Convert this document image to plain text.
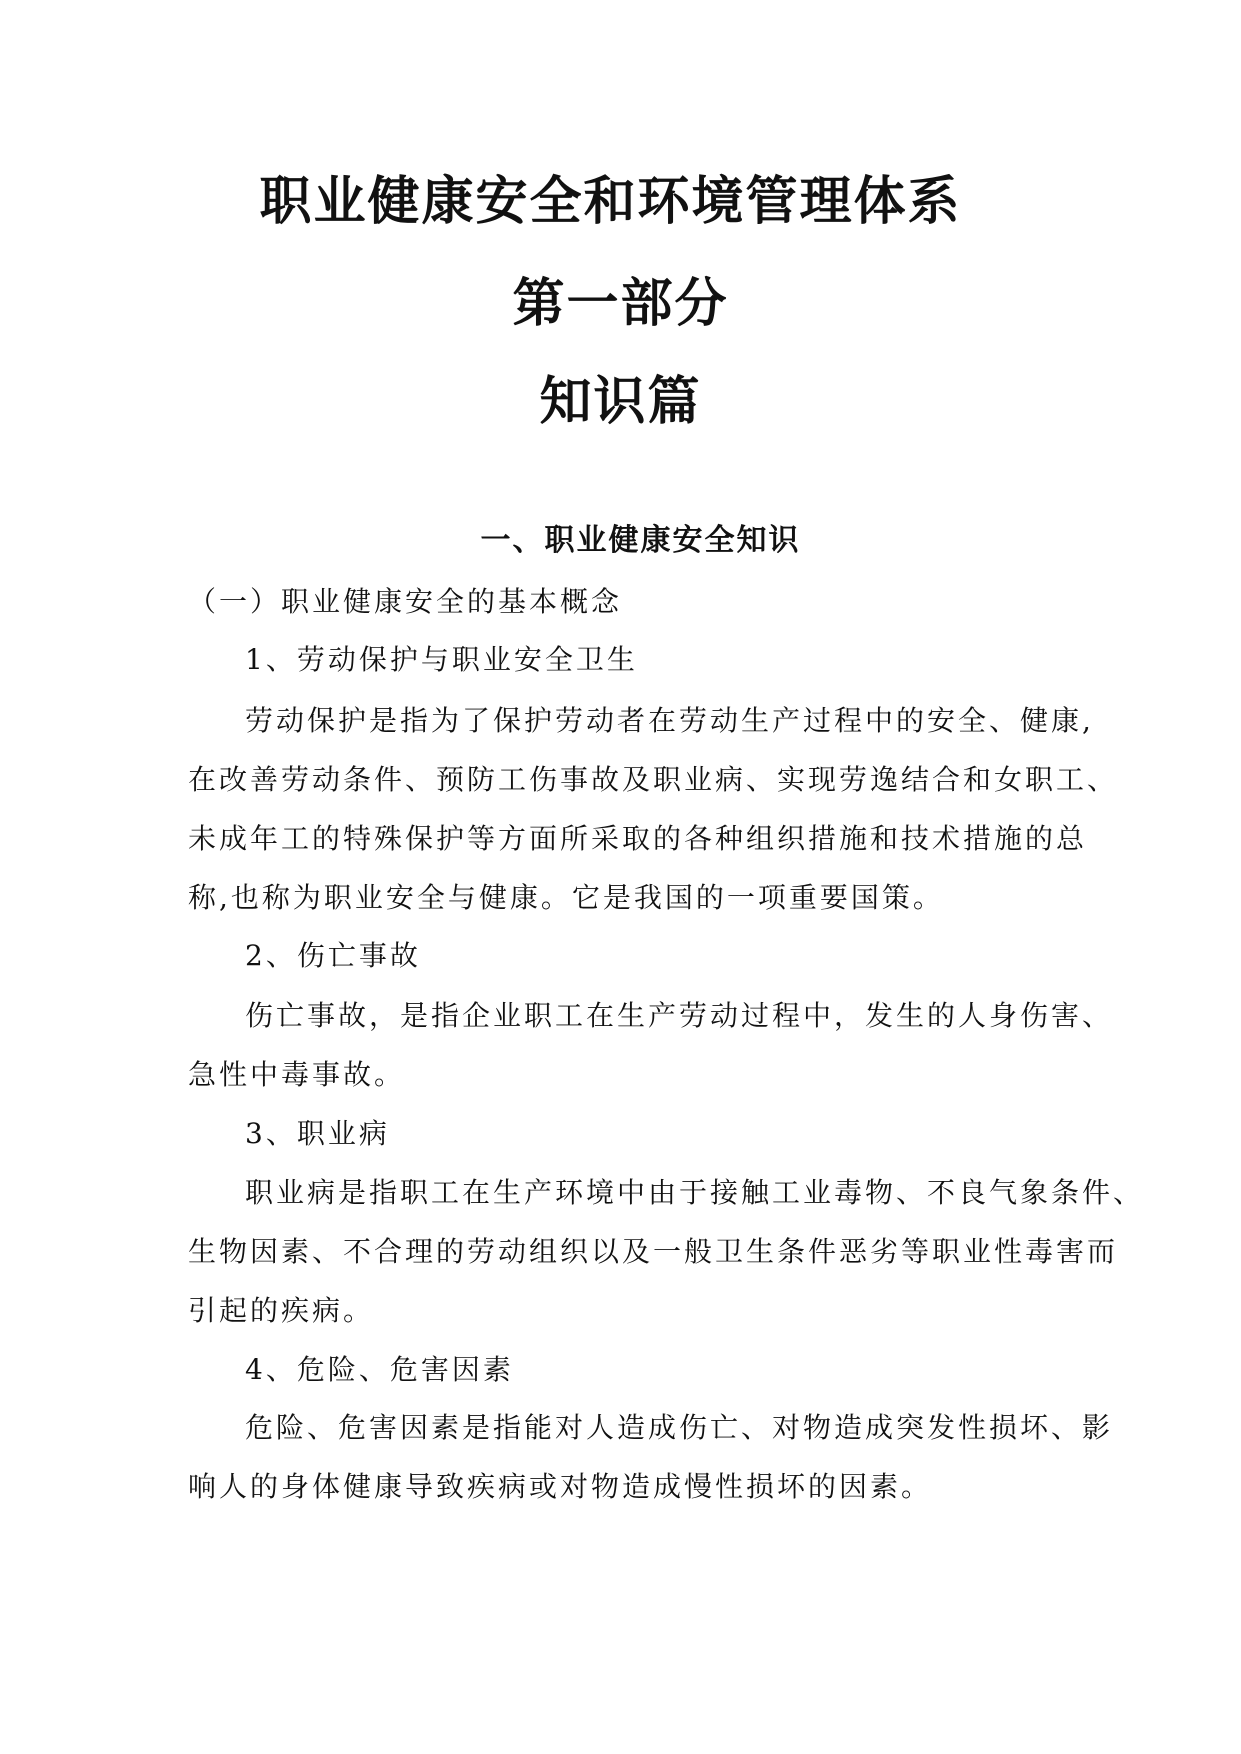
职业健康安全和环境管理体系
第一部分
知识篇
一、职业健康安全知识
（一）职业健康安全的基本概念
1、劳动保护与职业安全卫生
劳动保护是指为了保护劳动者在劳动生产过程中的安全、健康,
在改善劳动条件、预防工伤事故及职业病、实现劳逸结合和女职工、
未成年工的特殊保护等方面所采取的各种组织措施和技术措施的总
称,也称为职业安全与健康。它是我国的一项重要国策。
2、伤亡事故
伤亡事故，是指企业职工在生产劳动过程中，发生的人身伤害、
急性中毒事故。
3、职业病
职业病是指职工在生产环境中由于接触工业毒物、不良气象条件、
生物因素、不合理的劳动组织以及一般卫生条件恶劣等职业性毒害而
引起的疾病。
4、危险、危害因素
危险、危害因素是指能对人造成伤亡、对物造成突发性损坏、影
响人的身体健康导致疾病或对物造成慢性损坏的因素。
